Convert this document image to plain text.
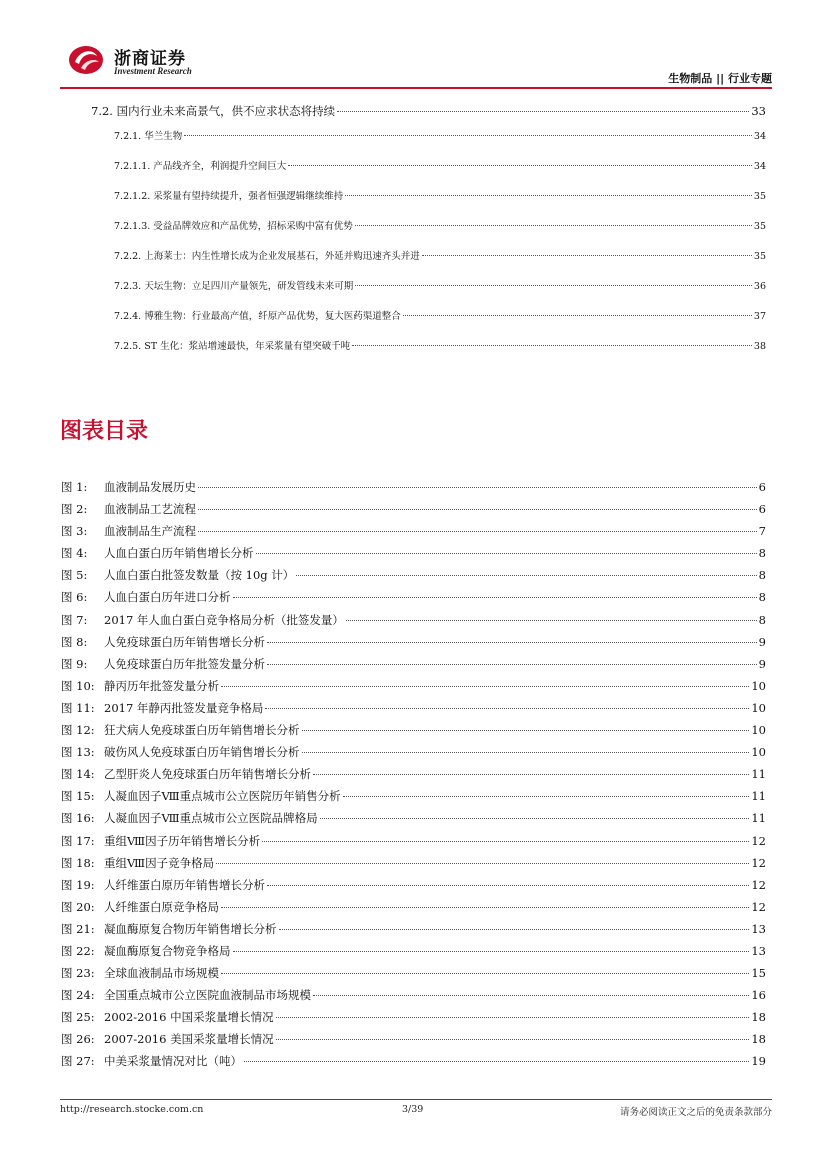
浙商证券
Investment Research
生物制品 || 行业专题
7.2. 国内行业未来高景气，供不应求状态将持续	33
7.2.1. 华兰生物	34
7.2.1.1. 产品线齐全，利润提升空间巨大	34
7.2.1.2. 采浆量有望持续提升，强者恒强逻辑继续维持	35
7.2.1.3. 受益品牌效应和产品优势，招标采购中富有优势	35
7.2.2. 上海莱士：内生性增长成为企业发展基石，外延并购迅速齐头并进	35
7.2.3. 天坛生物：立足四川产量领先，研发管线未来可期	36
7.2.4. 博雅生物：行业最高产值，纤原产品优势，复大医药渠道整合	37
7.2.5. ST 生化：浆站增速最快，年采浆量有望突破千吨	38
图表目录
图 1: 血液制品发展历史	6
图 2: 血液制品工艺流程	6
图 3: 血液制品生产流程	7
图 4: 人血白蛋白历年销售增长分析	8
图 5: 人血白蛋白批签发数量（按 10g 计）	8
图 6: 人血白蛋白历年进口分析	8
图 7: 2017 年人血白蛋白竞争格局分析（批签发量）	8
图 8: 人免疫球蛋白历年销售增长分析	9
图 9: 人免疫球蛋白历年批签发量分析	9
图 10: 静丙历年批签发量分析	10
图 11: 2017 年静丙批签发量竞争格局	10
图 12: 狂犬病人免疫球蛋白历年销售增长分析	10
图 13: 破伤风人免疫球蛋白历年销售增长分析	10
图 14: 乙型肝炎人免疫球蛋白历年销售增长分析	11
图 15: 人凝血因子Ⅷ重点城市公立医院历年销售分析	11
图 16: 人凝血因子Ⅷ重点城市公立医院品牌格局	11
图 17: 重组Ⅷ因子历年销售增长分析	12
图 18: 重组Ⅷ因子竞争格局	12
图 19: 人纤维蛋白原历年销售增长分析	12
图 20: 人纤维蛋白原竞争格局	12
图 21: 凝血酶原复合物历年销售增长分析	13
图 22: 凝血酶原复合物竞争格局	13
图 23: 全球血液制品市场规模	15
图 24: 全国重点城市公立医院血液制品市场规模	16
图 25: 2002-2016 中国采浆量增长情况	18
图 26: 2007-2016 美国采浆量增长情况	18
图 27: 中美采浆量情况对比（吨）	19
http://research.stocke.com.cn	3/39	请务必阅读正文之后的免责条款部分
